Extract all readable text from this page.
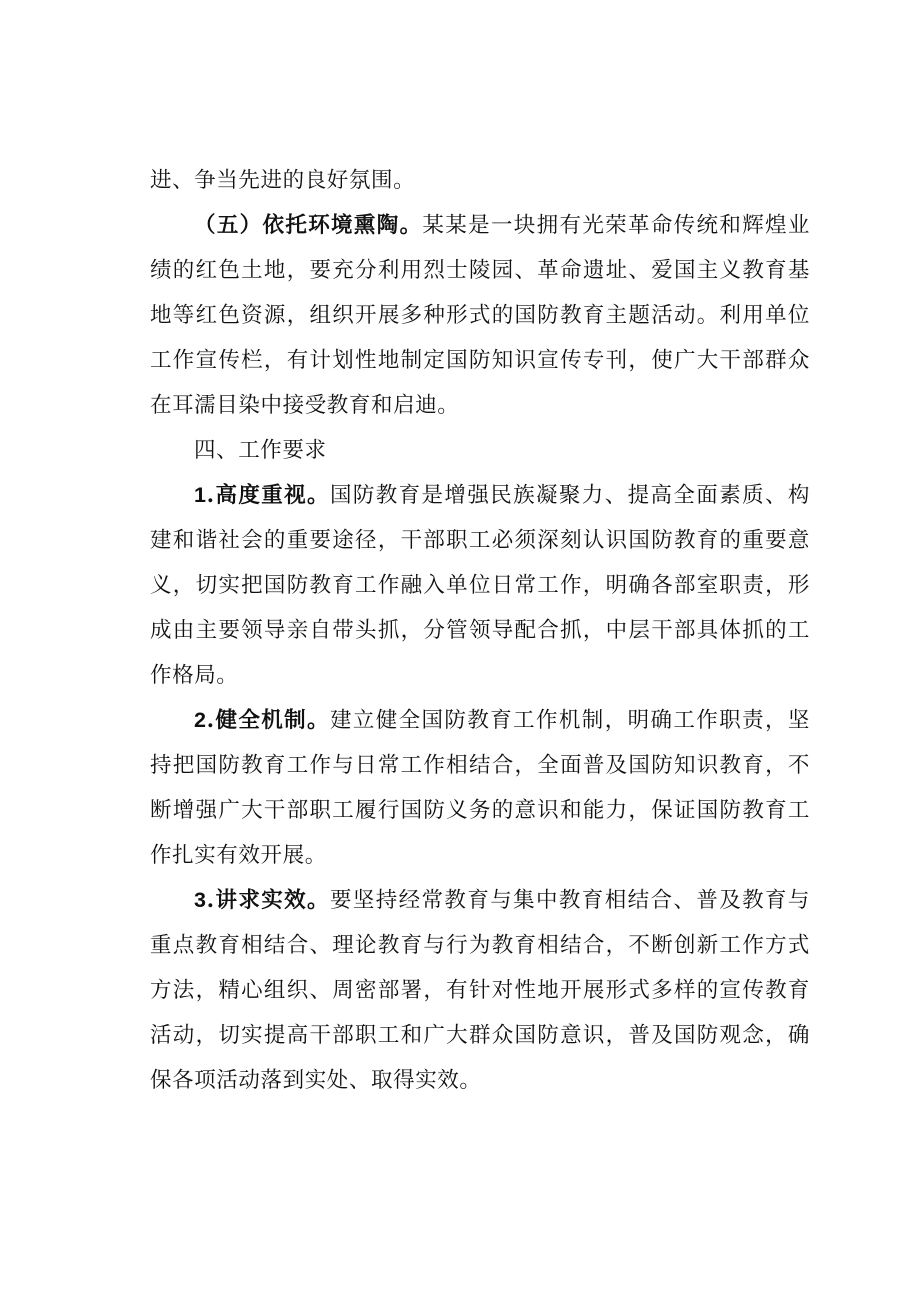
进、争当先进的良好氛围。

（五）依托环境熏陶。某某是一块拥有光荣革命传统和辉煌业绩的红色土地，要充分利用烈士陵园、革命遗址、爱国主义教育基地等红色资源，组织开展多种形式的国防教育主题活动。利用单位工作宣传栏，有计划性地制定国防知识宣传专刊，使广大干部群众在耳濡目染中接受教育和启迪。

四、工作要求

1.高度重视。国防教育是增强民族凝聚力、提高全面素质、构建和谐社会的重要途径，干部职工必须深刻认识国防教育的重要意义，切实把国防教育工作融入单位日常工作，明确各部室职责，形成由主要领导亲自带头抓，分管领导配合抓，中层干部具体抓的工作格局。

2.健全机制。建立健全国防教育工作机制，明确工作职责，坚持把国防教育工作与日常工作相结合，全面普及国防知识教育，不断增强广大干部职工履行国防义务的意识和能力，保证国防教育工作扎实有效开展。

3.讲求实效。要坚持经常教育与集中教育相结合、普及教育与重点教育相结合、理论教育与行为教育相结合，不断创新工作方式方法，精心组织、周密部署，有针对性地开展形式多样的宣传教育活动，切实提高干部职工和广大群众国防意识，普及国防观念，确保各项活动落到实处、取得实效。
